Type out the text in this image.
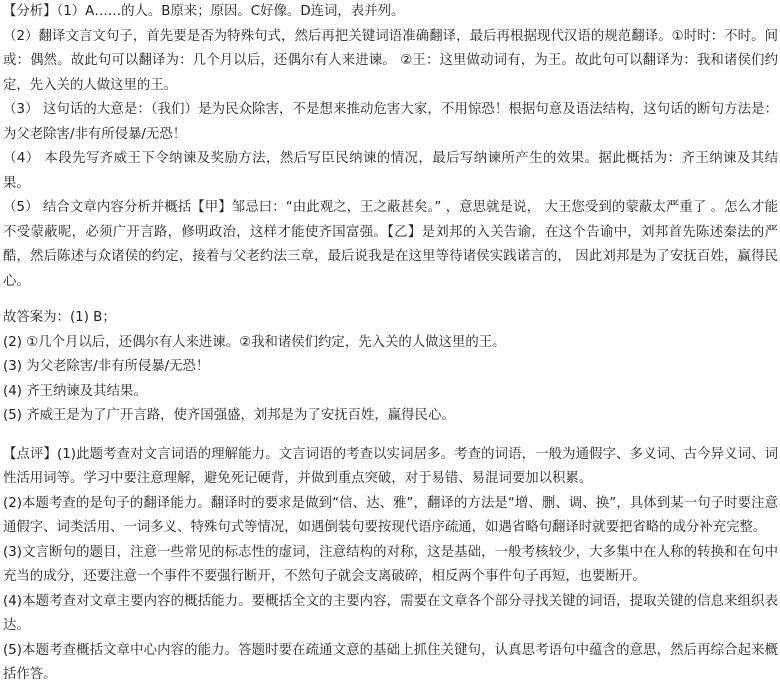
【分析】（1）A……的人。B原来；原因。C好像。D连词，表并列。

（2）翻译文言文句子，首先要是否为特殊句式，然后再把关键词语准确翻译，最后再根据现代汉语的规范翻译。①时时：不时。间或：偶然。故此句可以翻译为：几个月以后，还偶尔有人来进谏。 ②王：这里做动词有，为王。故此句可以翻译为：我和诸侯们约定，先入关的人做这里的王。

（3） 这句话的大意是：（我们）是为民众除害，不是想来推动危害大家，不用惊恐！根据句意及语法结构，这句话的断句方法是：为父老除害/非有所侵暴/无恐！

（4） 本段先写齐威王下令纳谏及奖励方法，然后写臣民纳谏的情况，最后写纳谏所产生的效果。据此概括为：齐王纳谏及其结果。

（5） 结合文章内容分析并概括【甲】邹忌曰：“由此观之，王之蔽甚矣。” ，意思就是说， 大王您受到的蒙蔽太严重了 。怎么才能不受蒙蔽呢，必须广开言路，修明政治，这样才能使齐国富强。【乙】是刘邦的入关告谕，在这个告谕中，刘邦首先陈述秦法的严酷，然后陈述与众诸侯的约定，接着与父老约法三章，最后说我是在这里等待诸侯实践诺言的， 因此刘邦是为了安抚百姓，赢得民心。

故答案为：(1) B；

(2) ①几个月以后，还偶尔有人来进谏。②我和诸侯们约定，先入关的人做这里的王。

(3) 为父老除害/非有所侵暴/无恐！

(4) 齐王纳谏及其结果。

(5) 齐威王是为了广开言路，使齐国强盛，刘邦是为了安抚百姓，赢得民心。

【点评】(1)此题考查对文言词语的理解能力。文言词语的考查以实词居多。考查的词语，一般为通假字、多义词、古今异义词、词性活用词等。学习中要注意理解，避免死记硬背，并做到重点突破，对于易错、易混词要加以积累。

(2)本题考查的是句子的翻译能力。翻译时的要求是做到“信、达、雅”，翻译的方法是“增、删、调、换”，具体到某一句子时要注意通假字、词类活用、一词多义、特殊句式等情况，如遇倒装句要按现代语序疏通，如遇省略句翻译时就要把省略的成分补充完整。

(3)文言断句的题目，注意一些常见的标志性的虚词，注意结构的对称，这是基础，一般考核较少，大多集中在人称的转换和在句中充当的成分，还要注意一个事件不要强行断开，不然句子就会支离破碎，相反两个事件句子再短，也要断开。

(4)本题考查对文章主要内容的概括能力。要概括全文的主要内容，需要在文章各个部分寻找关键的词语，提取关键的信息来组织表达。

(5)本题考查概括文章中心内容的能力。答题时要在疏通文意的基础上抓住关键句，认真思考语句中蕴含的意思，然后再综合起来概括作答。
